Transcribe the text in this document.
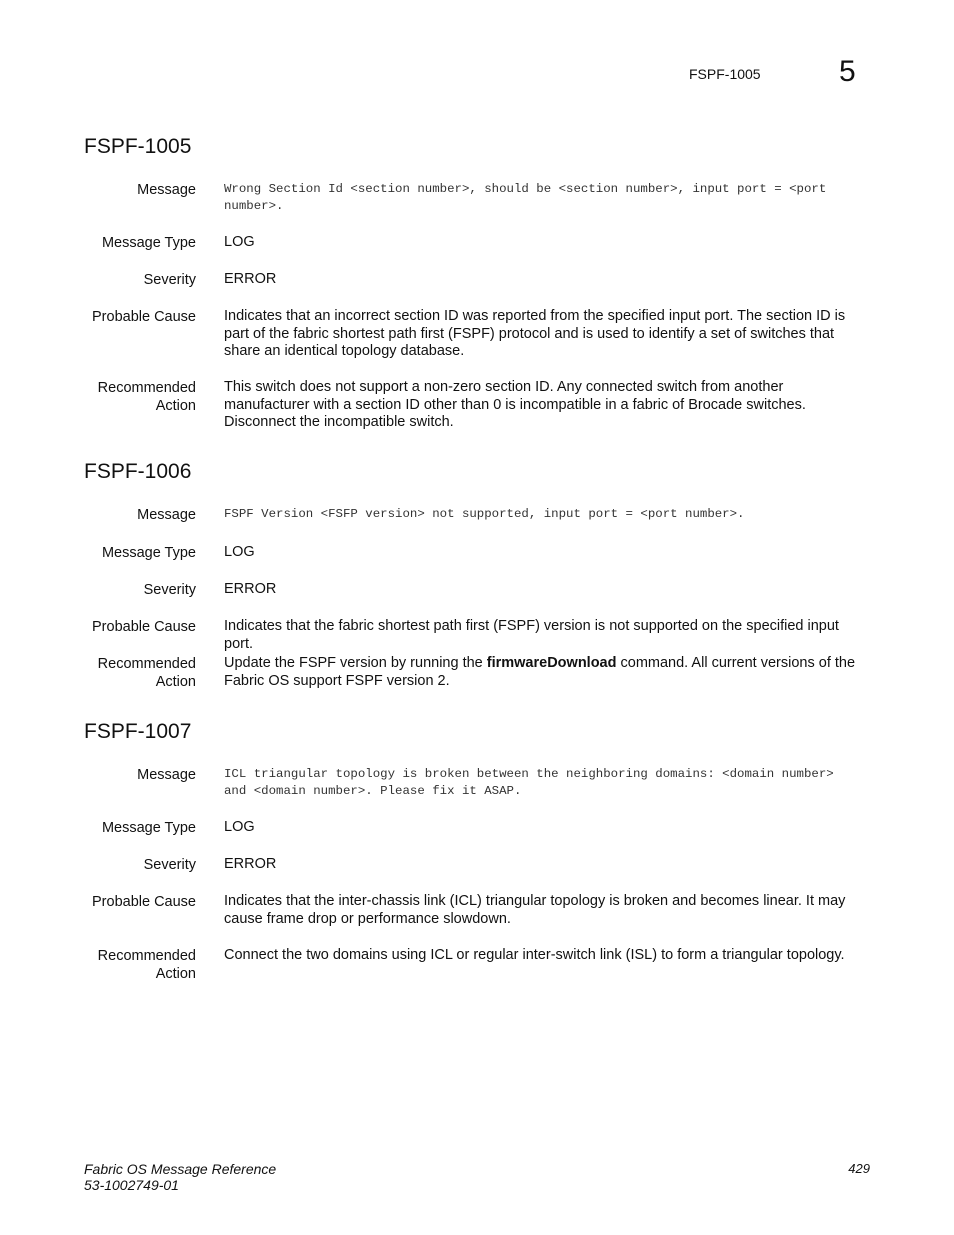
FSPF-1005	5
FSPF-1005
Message Wrong Section Id <section number>, should be <section number>, input port = <port
number>.
Message Type LOG
Severity ERROR
Probable Cause Indicates that an incorrect section ID was reported from the specified input port. The section ID is part of the fabric shortest path first (FSPF) protocol and is used to identify a set of switches that share an identical topology database.
Recommended
Action
This switch does not support a non-zero section ID. Any connected switch from another manufacturer with a section ID other than 0 is incompatible in a fabric of Brocade switches. Disconnect the incompatible switch.
FSPF-1006
Message FSPF Version <FSFP version> not supported, input port = <port number>.
Message Type LOG
Severity ERROR
Probable Cause Indicates that the fabric shortest path first (FSPF) version is not supported on the specified input port.
Recommended
Action
Update the FSPF version by running the firmwareDownload command. All current versions of the Fabric OS support FSPF version 2.
FSPF-1007
Message ICL triangular topology is broken between the neighboring domains: <domain number>
and <domain number>. Please fix it ASAP.
Message Type LOG
Severity ERROR
Probable Cause Indicates that the inter-chassis link (ICL) triangular topology is broken and becomes linear. It may cause frame drop or performance slowdown.
Recommended
Action
Connect the two domains using ICL or regular inter-switch link (ISL) to form a triangular topology.
Fabric OS Message Reference
53-1002749-01
429
